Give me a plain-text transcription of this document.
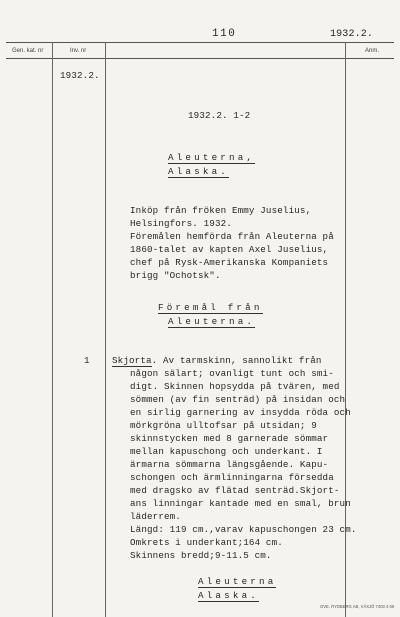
110	1932.2.
Gen. kat. nr	Inv. nr	Anm.
1932.2.
1932.2. 1-2
Aleuterna,
Alaska.
Inköp från fröken Emmy Juselius,
Helsingfors. 1932.
Föremålen hemförda från Aleuterna på
1860-talet av kapten Axel Juselius,
chef på Rysk-Amerikanska Kompaniets
brigg "Ochotsk".
Föremål från
Aleuterna.
1 Skjorta. Av tarmskinn, sannolikt från
någon sälart; ovanligt tunt och smi-
digt. Skinnen hopsydda på tvären, med
sömmen (av fin senträd) på insidan och
en sirlig garnering av insydda röda och
mörkgröna ulltofsar på utsidan; 9
skinnstycken med 8 garnerade sömmar
mellan kapuschong och underkant. I
ärmarna sömmarna längsgående. Kapu-
schongen och ärmlinningarna försedda
med dragsko av flätad senträd.Skjort-
ans linningar kantade med en smal, brun
läderrem.
Längd: 119 cm.,varav kapuschongen 23 cm.
Omkrets i underkant;164 cm.
Skinnens bredd;9-11.5 cm.
Aleuterna
Alaska.
OVE. RYDBERG AB, VÄXJÖ 7403 4 69
